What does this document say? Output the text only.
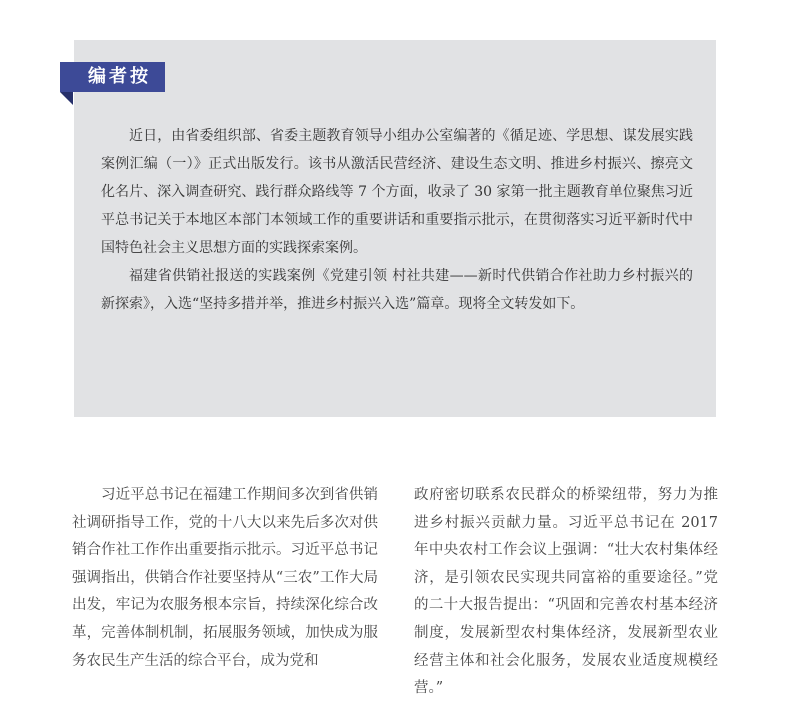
编者按

近日，由省委组织部、省委主题教育领导小组办公室编著的《循足迹、学思想、谋发展实践案例汇编（一）》正式出版发行。该书从激活民营经济、建设生态文明、推进乡村振兴、擦亮文化名片、深入调查研究、践行群众路线等 7 个方面，收录了 30 家第一批主题教育单位聚焦习近平总书记关于本地区本部门本领域工作的重要讲话和重要指示批示，在贯彻落实习近平新时代中国特色社会主义思想方面的实践探索案例。

福建省供销社报送的实践案例《党建引领 村社共建——新时代供销合作社助力乡村振兴的新探索》，入选“坚持多措并举，推进乡村振兴入选”篇章。现将全文转发如下。

习近平总书记在福建工作期间多次到省供销社调研指导工作，党的十八大以来先后多次对供销合作社工作作出重要指示批示。习近平总书记强调指出，供销合作社要坚持从“三农”工作大局出发，牢记为农服务根本宗旨，持续深化综合改革，完善体制机制，拓展服务领域，加快成为服务农民生产生活的综合平台，成为党和

政府密切联系农民群众的桥梁纽带，努力为推进乡村振兴贡献力量。习近平总书记在 2017 年中央农村工作会议上强调：“壮大农村集体经济，是引领农民实现共同富裕的重要途径。”党的二十大报告提出：“巩固和完善农村基本经济制度，发展新型农村集体经济，发展新型农业经营主体和社会化服务，发展农业适度规模经营。”
